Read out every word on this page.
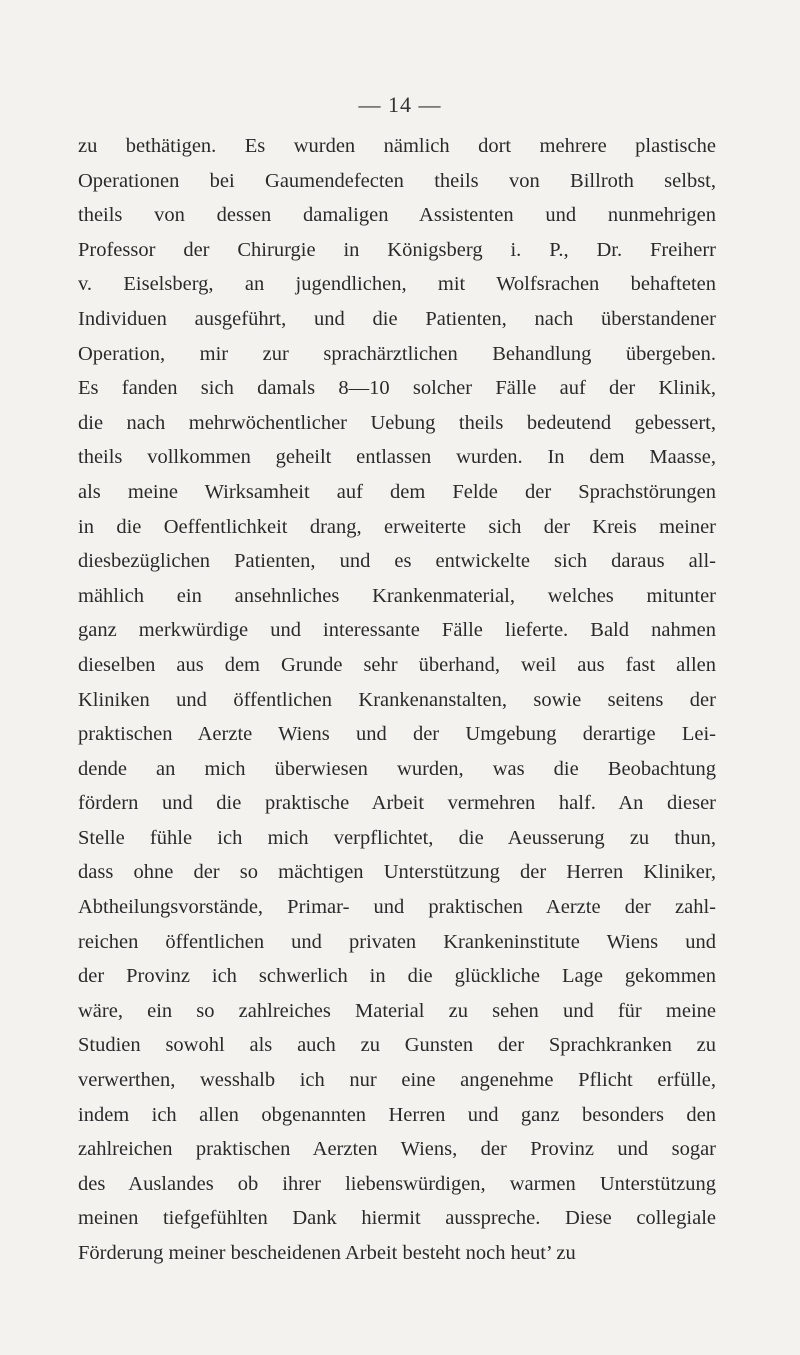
— 14 —
zu bethätigen. Es wurden nämlich dort mehrere plastische
Operationen bei Gaumendefecten theils von Billroth selbst,
theils von dessen damaligen Assistenten und nunmehrigen
Professor der Chirurgie in Königsberg i. P., Dr. Freiherr
v. Eiselsberg, an jugendlichen, mit Wolfsrachen behafteten
Individuen ausgeführt, und die Patienten, nach überstandener
Operation, mir zur sprachärztlichen Behandlung übergeben.
Es fanden sich damals 8—10 solcher Fälle auf der Klinik,
die nach mehrwöchentlicher Uebung theils bedeutend gebessert,
theils vollkommen geheilt entlassen wurden. In dem Maasse,
als meine Wirksamheit auf dem Felde der Sprachstörungen
in die Oeffentlichkeit drang, erweiterte sich der Kreis meiner
diesbezüglichen Patienten, und es entwickelte sich daraus all-
mählich ein ansehnliches Krankenmaterial, welches mitunter
ganz merkwürdige und interessante Fälle lieferte. Bald nahmen
dieselben aus dem Grunde sehr überhand, weil aus fast allen
Kliniken und öffentlichen Krankenanstalten, sowie seitens der
praktischen Aerzte Wiens und der Umgebung derartige Lei-
dende an mich überwiesen wurden, was die Beobachtung
fördern und die praktische Arbeit vermehren half. An dieser
Stelle fühle ich mich verpflichtet, die Aeusserung zu thun,
dass ohne der so mächtigen Unterstützung der Herren Kliniker,
Abtheilungsvorstände, Primar- und praktischen Aerzte der zahl-
reichen öffentlichen und privaten Krankeninstitute Wiens und
der Provinz ich schwerlich in die glückliche Lage gekommen
wäre, ein so zahlreiches Material zu sehen und für meine
Studien sowohl als auch zu Gunsten der Sprachkranken zu
verwerthen, wesshalb ich nur eine angenehme Pflicht erfülle,
indem ich allen obgenannten Herren und ganz besonders den
zahlreichen praktischen Aerzten Wiens, der Provinz und sogar
des Auslandes ob ihrer liebenswürdigen, warmen Unterstützung
meinen tiefgefühlten Dank hiermit ausspreche. Diese collegiale
Förderung meiner bescheidenen Arbeit besteht noch heut’ zu
